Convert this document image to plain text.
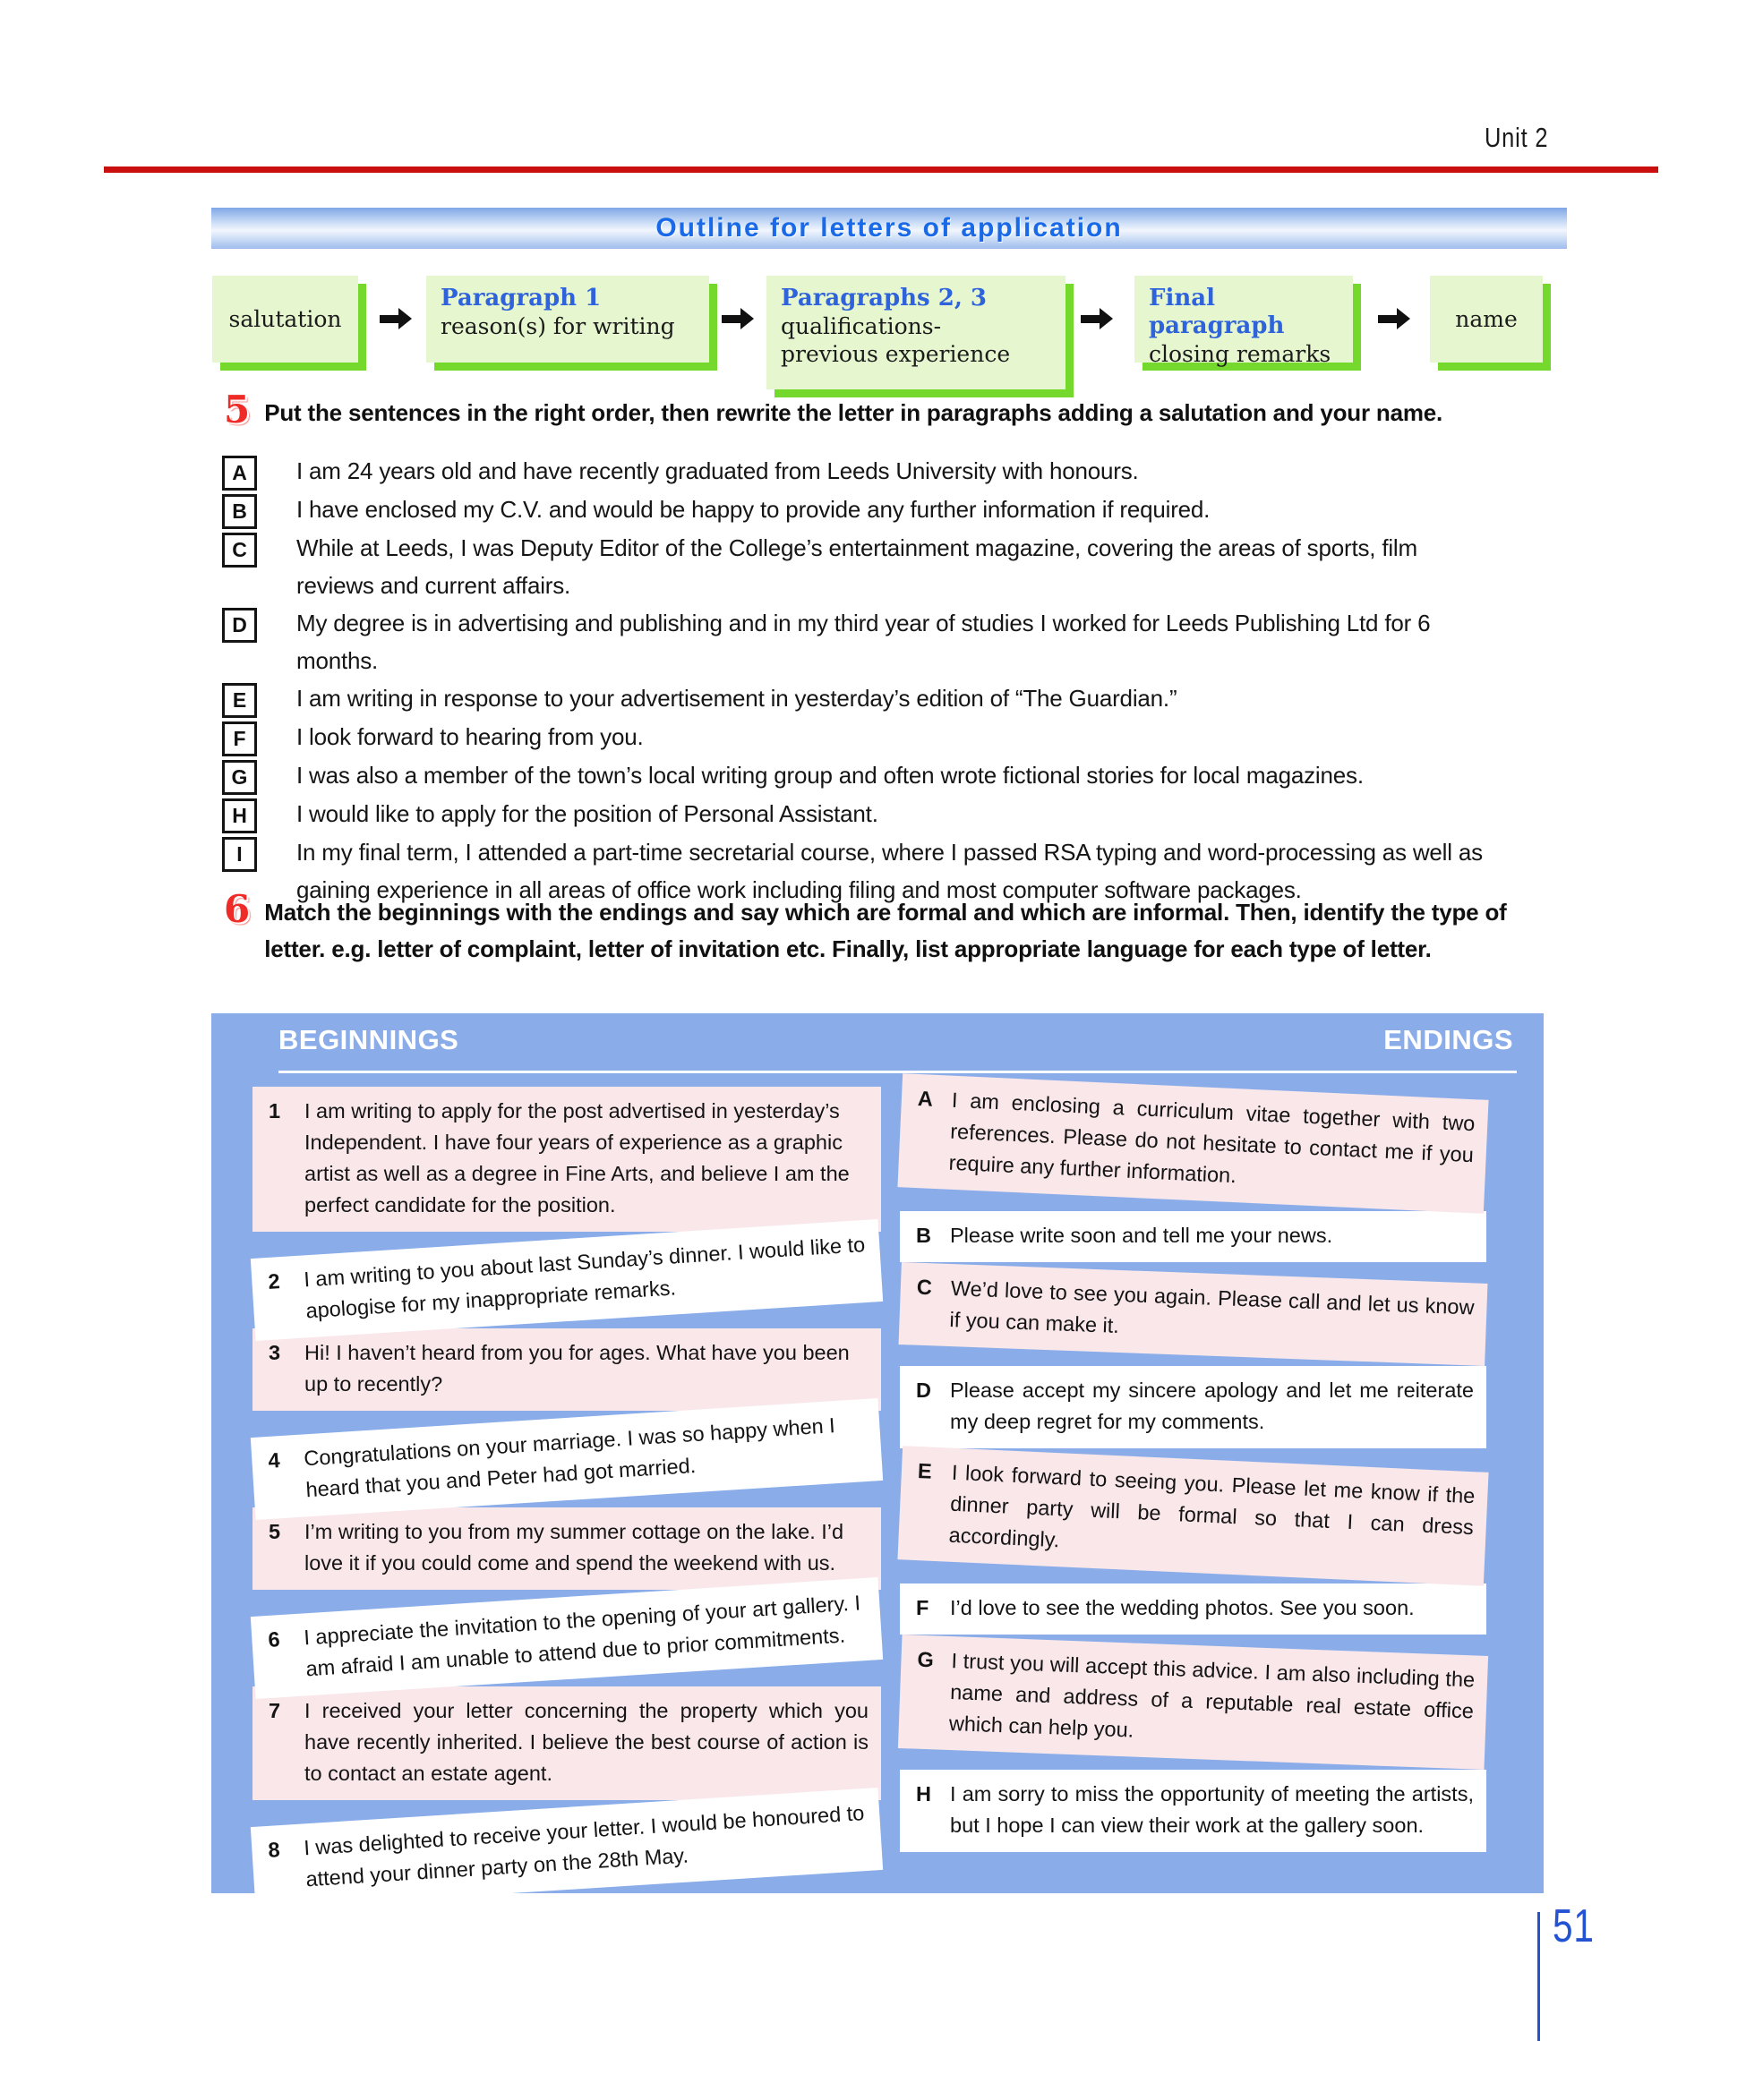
Unit 2
Outline for letters of application
salutation
Paragraph 1
reason(s) for writing
Paragraphs 2, 3
qualifications-
previous experience
Final paragraph
closing remarks
name
5 Put the sentences in the right order, then rewrite the letter in paragraphs adding a salutation and your name.
A	I am 24 years old and have recently graduated from Leeds University with honours.
B	I have enclosed my C.V. and would be happy to provide any further information if required.
C	While at Leeds, I was Deputy Editor of the College’s entertainment magazine, covering the areas of sports, film reviews and current affairs.
D	My degree is in advertising and publishing and in my third year of studies I worked for Leeds Publishing Ltd for 6 months.
E	I am writing in response to your advertisement in yesterday’s edition of “The Guardian.”
F	I look forward to hearing from you.
G	I was also a member of the town’s local writing group and often wrote fictional stories for local magazines.
H	I would like to apply for the position of Personal Assistant.
I	In my final term, I attended a part-time secretarial course, where I passed RSA typing and word-processing as well as gaining experience in all areas of office work including filing and most computer software packages.
6 Match the beginnings with the endings and say which are formal and which are informal. Then, identify the type of letter. e.g. letter of complaint, letter of invitation etc. Finally, list appropriate language for each type of letter.
BEGINNINGS	ENDINGS
1	I am writing to apply for the post advertised in yesterday’s Independent. I have four years of experience as a graphic artist as well as a degree in Fine Arts, and believe I am the perfect candidate for the position.
2	I am writing to you about last Sunday’s dinner. I would like to apologise for my inappropriate remarks.
3	Hi! I haven’t heard from you for ages. What have you been up to recently?
4	Congratulations on your marriage. I was so happy when I heard that you and Peter had got married.
5	I’m writing to you from my summer cottage on the lake. I’d love it if you could come and spend the weekend with us.
6	I appreciate the invitation to the opening of your art gallery. I am afraid I am unable to attend due to prior commitments.
7	I received your letter concerning the property which you have recently inherited. I believe the best course of action is to contact an estate agent.
8	I was delighted to receive your letter. I would be honoured to attend your dinner party on the 28th May.
A I am enclosing a curriculum vitae together with two references. Please do not hesitate to contact me if you require any further information.
B Please write soon and tell me your news.
C We’d love to see you again. Please call and let us know if you can make it.
D Please accept my sincere apology and let me reiterate my deep regret for my comments.
E I look forward to seeing you. Please let me know if the dinner party will be formal so that I can dress accordingly.
F	I’d love to see the wedding photos. See you soon.
G I trust you will accept this advice. I am also including the name and address of a reputable real estate office which can help you.
H I am sorry to miss the opportunity of meeting the artists, but I hope I can view their work at the gallery soon.
51
